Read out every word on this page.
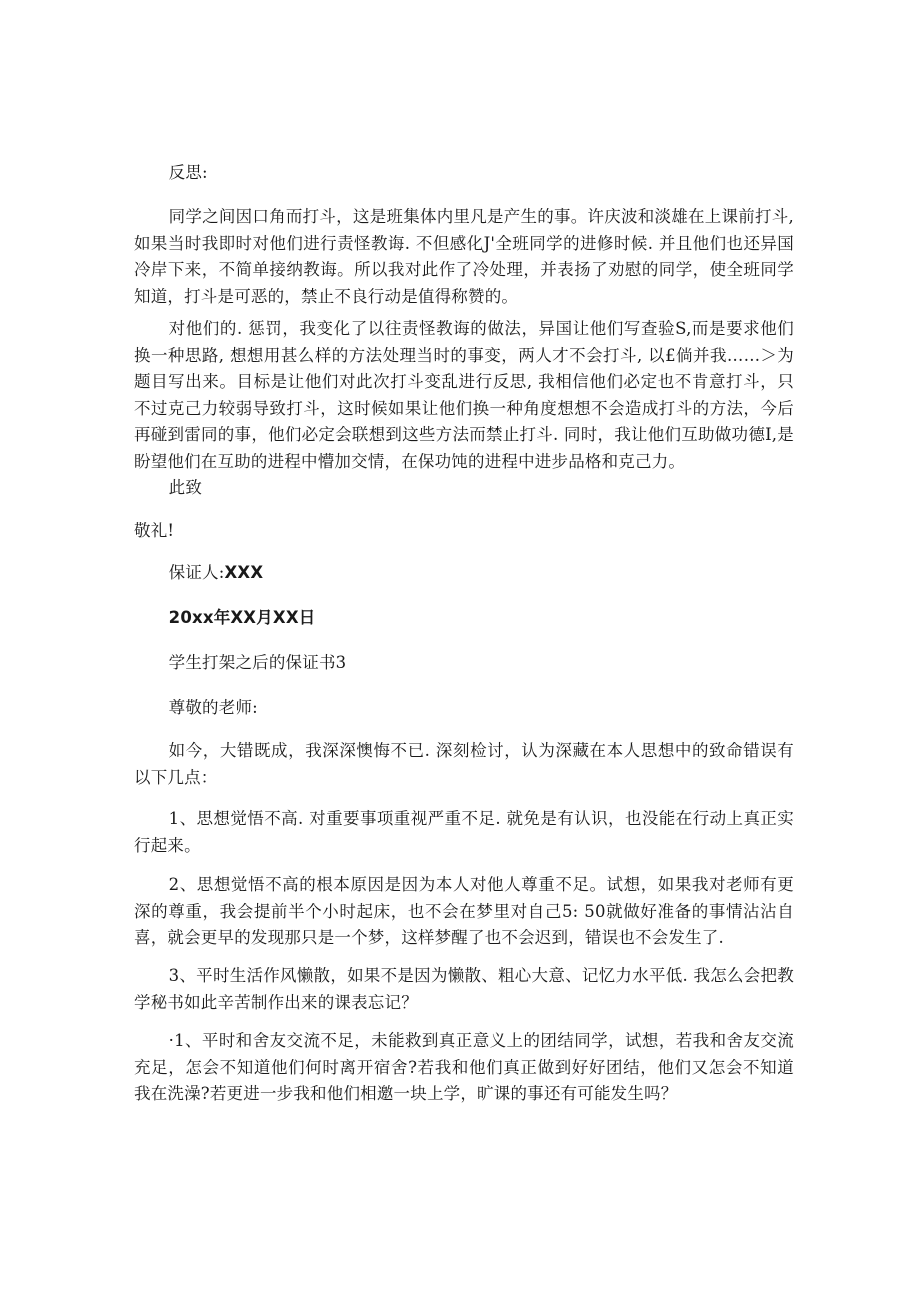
反思:

同学之间因口角而打斗，这是班集体内里凡是产生的事。许庆波和淡雄在上课前打斗, 如果当时我即时对他们进行责怪教诲. 不但感化J'全班同学的进修时候. 并且他们也还异国冷岸下来，不简单接纳教诲。所以我对此作了冷处理，并表扬了劝慰的同学，使全班同学知道，打斗是可恶的，禁止不良行动是值得称赞的。

对他们的. 惩罚，我变化了以往责怪教诲的做法，异国让他们写查验S,而是要求他们换一种思路, 想想用甚么样的方法处理当时的事变，两人才不会打斗, 以£倘并我……＞为题目写出来。目标是让他们对此次打斗变乱进行反思, 我相信他们必定也不肯意打斗，只不过克己力较弱导致打斗，这时候如果让他们换一种角度想想不会造成打斗的方法，今后再碰到雷同的事，他们必定会联想到这些方法而禁止打斗. 同时，我让他们互助做功德I,是盼望他们在互助的进程中懵加交情，在保功饨的进程中进步品格和克己力。

此致

敬礼!

保证人:XXX

20xx年XX月XX日

学生打架之后的保证书3

尊敬的老师:

如今，大错既成，我深深懊悔不已. 深刻检讨，认为深藏在本人思想中的致命错误有以下几点：

1、思想觉悟不高. 对重要事项重视严重不足. 就免是有认识，也没能在行动上真正实行起来。

2、思想觉悟不高的根本原因是因为本人对他人尊重不足。试想，如果我对老师有更深的尊重，我会提前半个小时起床，也不会在梦里对自己5: 50就做好准备的事情沾沾自喜，就会更早的发现那只是一个梦，这样梦醒了也不会迟到，错误也不会发生了.

3、平时生活作风懒散，如果不是因为懒散、粗心大意、记忆力水平低. 我怎么会把教学秘书如此辛苦制作出来的课表忘记？

·1、平时和舍友交流不足，未能救到真正意义上的团结同学，试想，若我和舍友交流充足，怎会不知道他们何时离开宿舍?若我和他们真正做到好好团结，他们又怎会不知道我在洗澡?若更进一步我和他们相邀一块上学，旷课的事还有可能发生吗？
